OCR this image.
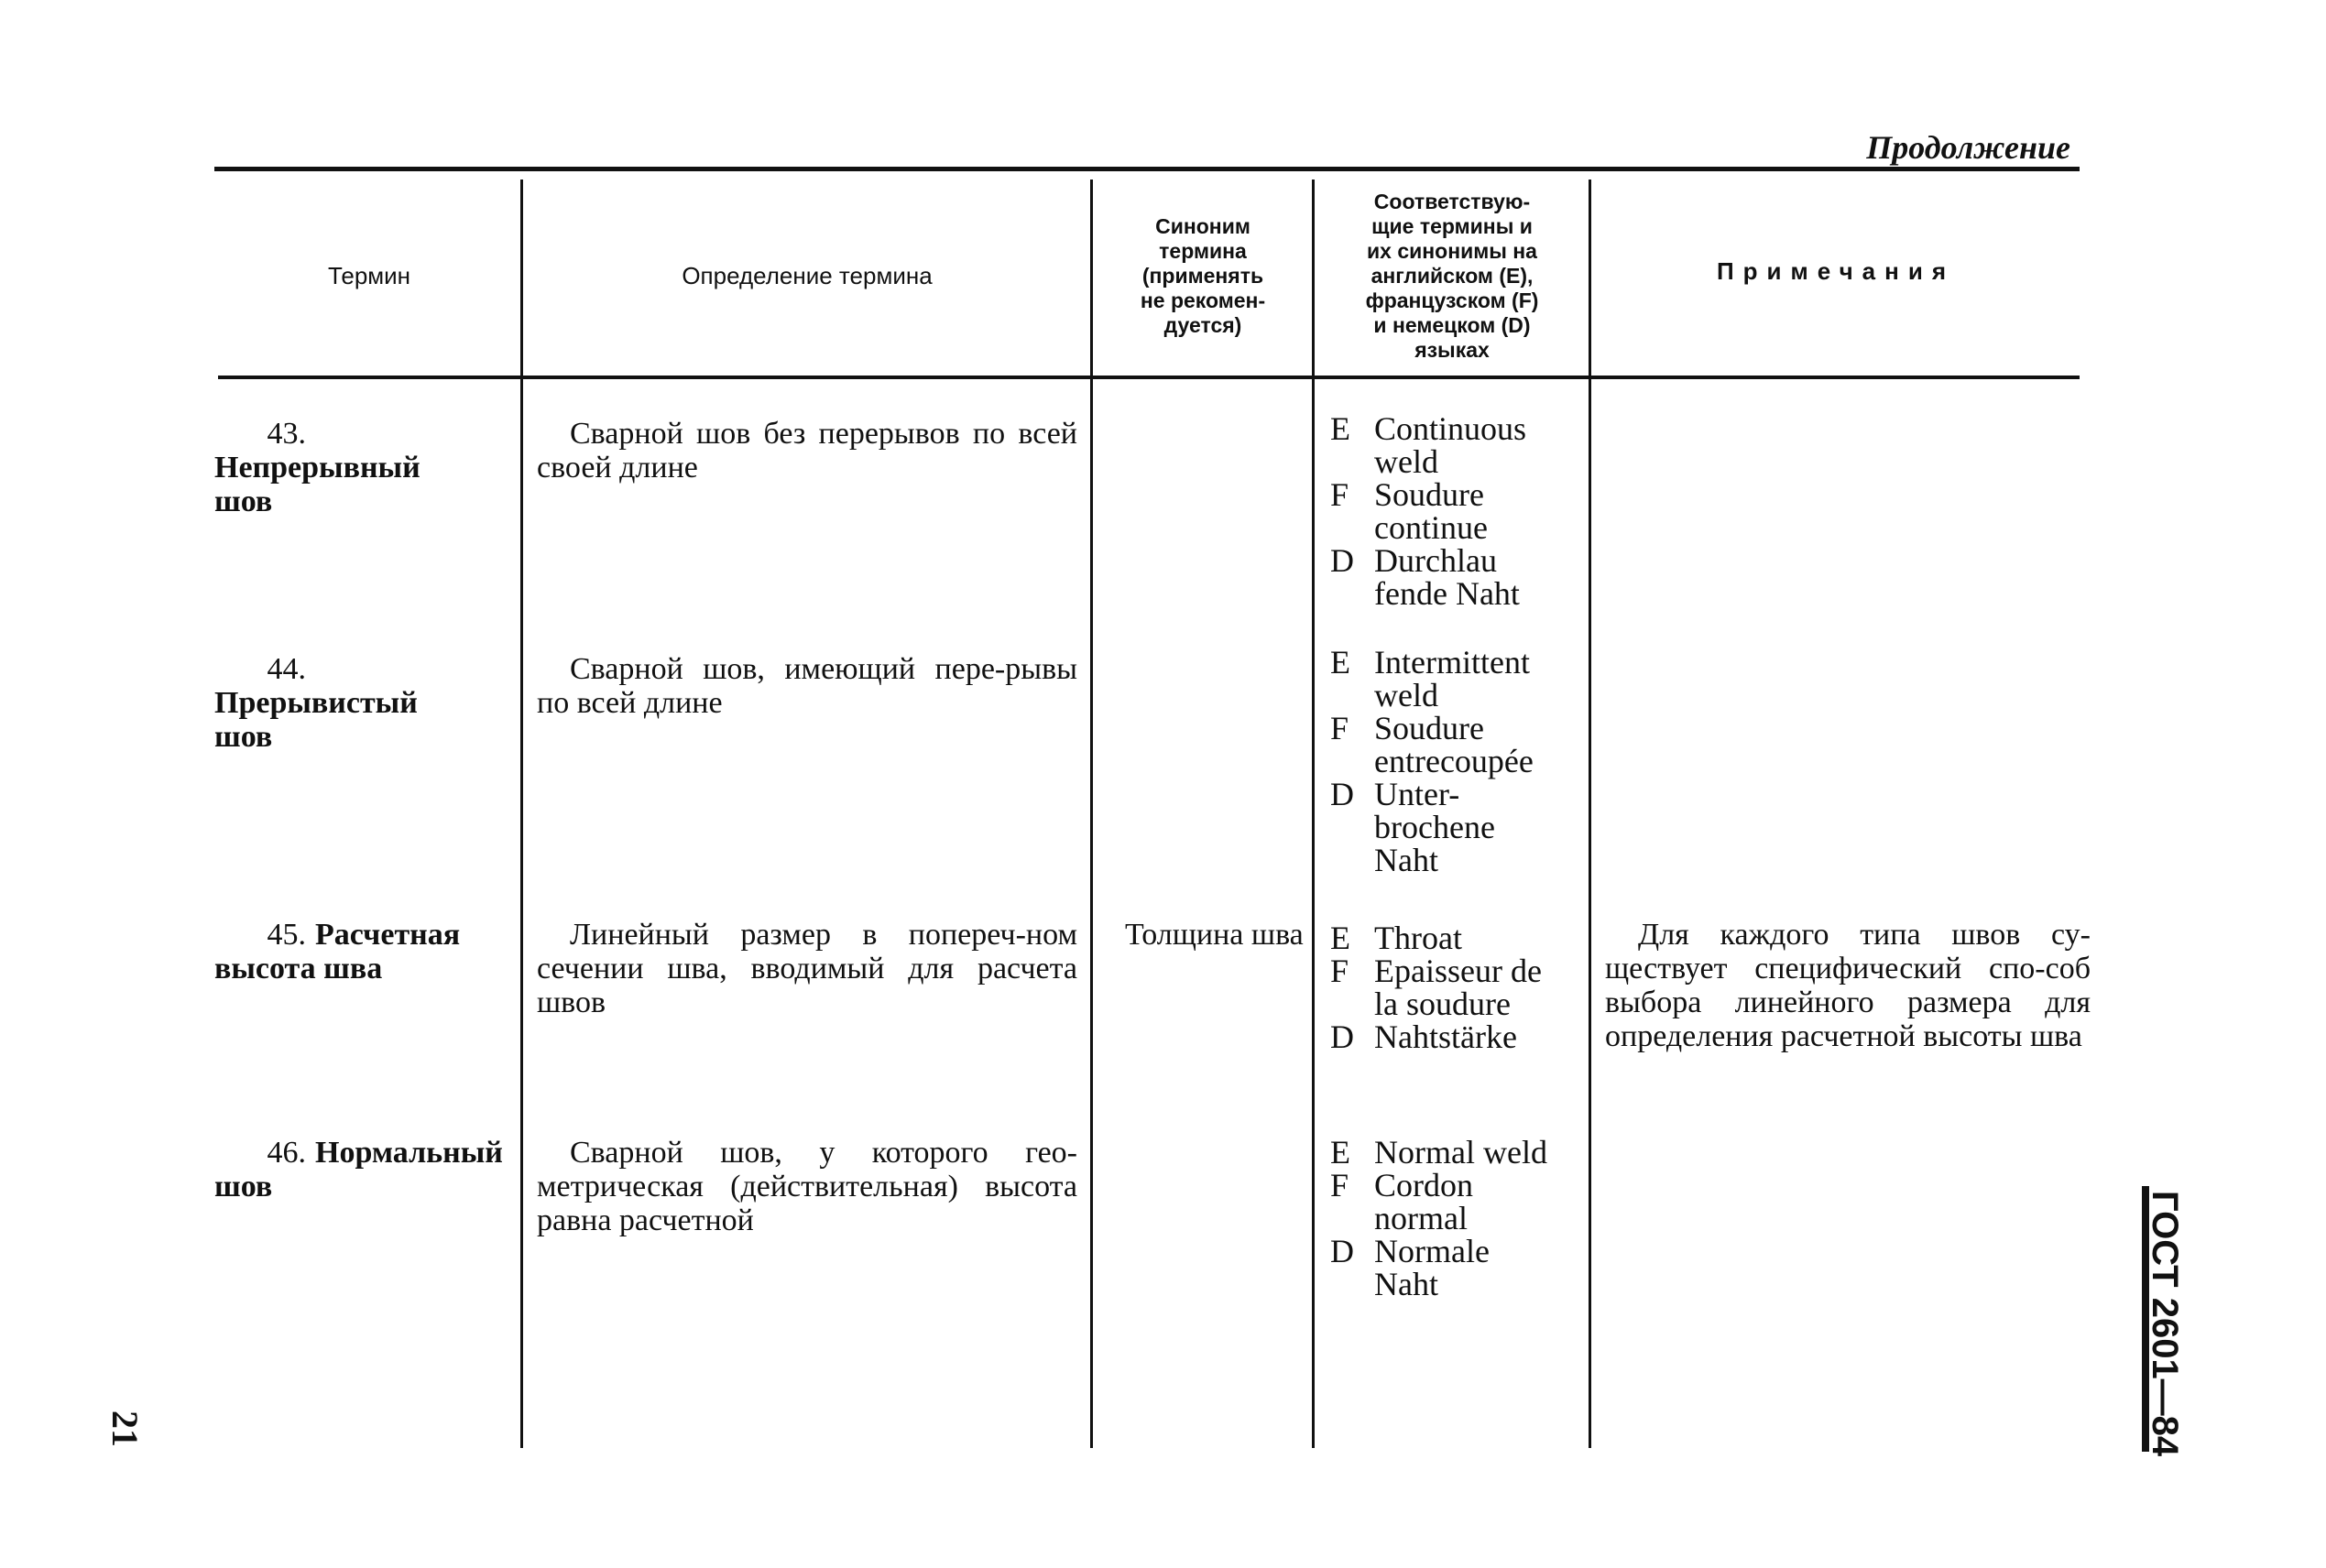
Продолжение
Термин	Определение термина
Синоним
термина
(применять
не рекомен-
дуется)
Соответствую-
щие термины и
их синонимы на
английском (E),
французском (F)
и немецком (D)
языках
Примечания
43.Непрерывный
шов
Сварной шов без перерывов по всей своей длине
E Continuous
weld
F Soudure
continue
D Durchlau
fende Naht
44.Прерывистый
шов
Сварной шов, имеющий пере-рывы по всей длине
E Intermittent
weld
F Soudure
entrecoupée
D Unter-
brochene
Naht
45. Расчетная
высота шва
Линейный размер в попереч-ном сечении шва, вводимый для расчета швов
Толщина шва E Throat
F Epaisseur de
la soudure
D Nahtstärke
Для каждого типа швов су-ществует специфический спо-соб выбора линейного размера для определения расчетной высоты шва
46. Нормальный
шов
Сварной шов, у которого гео-метрическая (действительная) высота равна расчетной
E Normal weld
F Cordon
normal
D Normale
Naht
21	ГОСТ 2601—84
